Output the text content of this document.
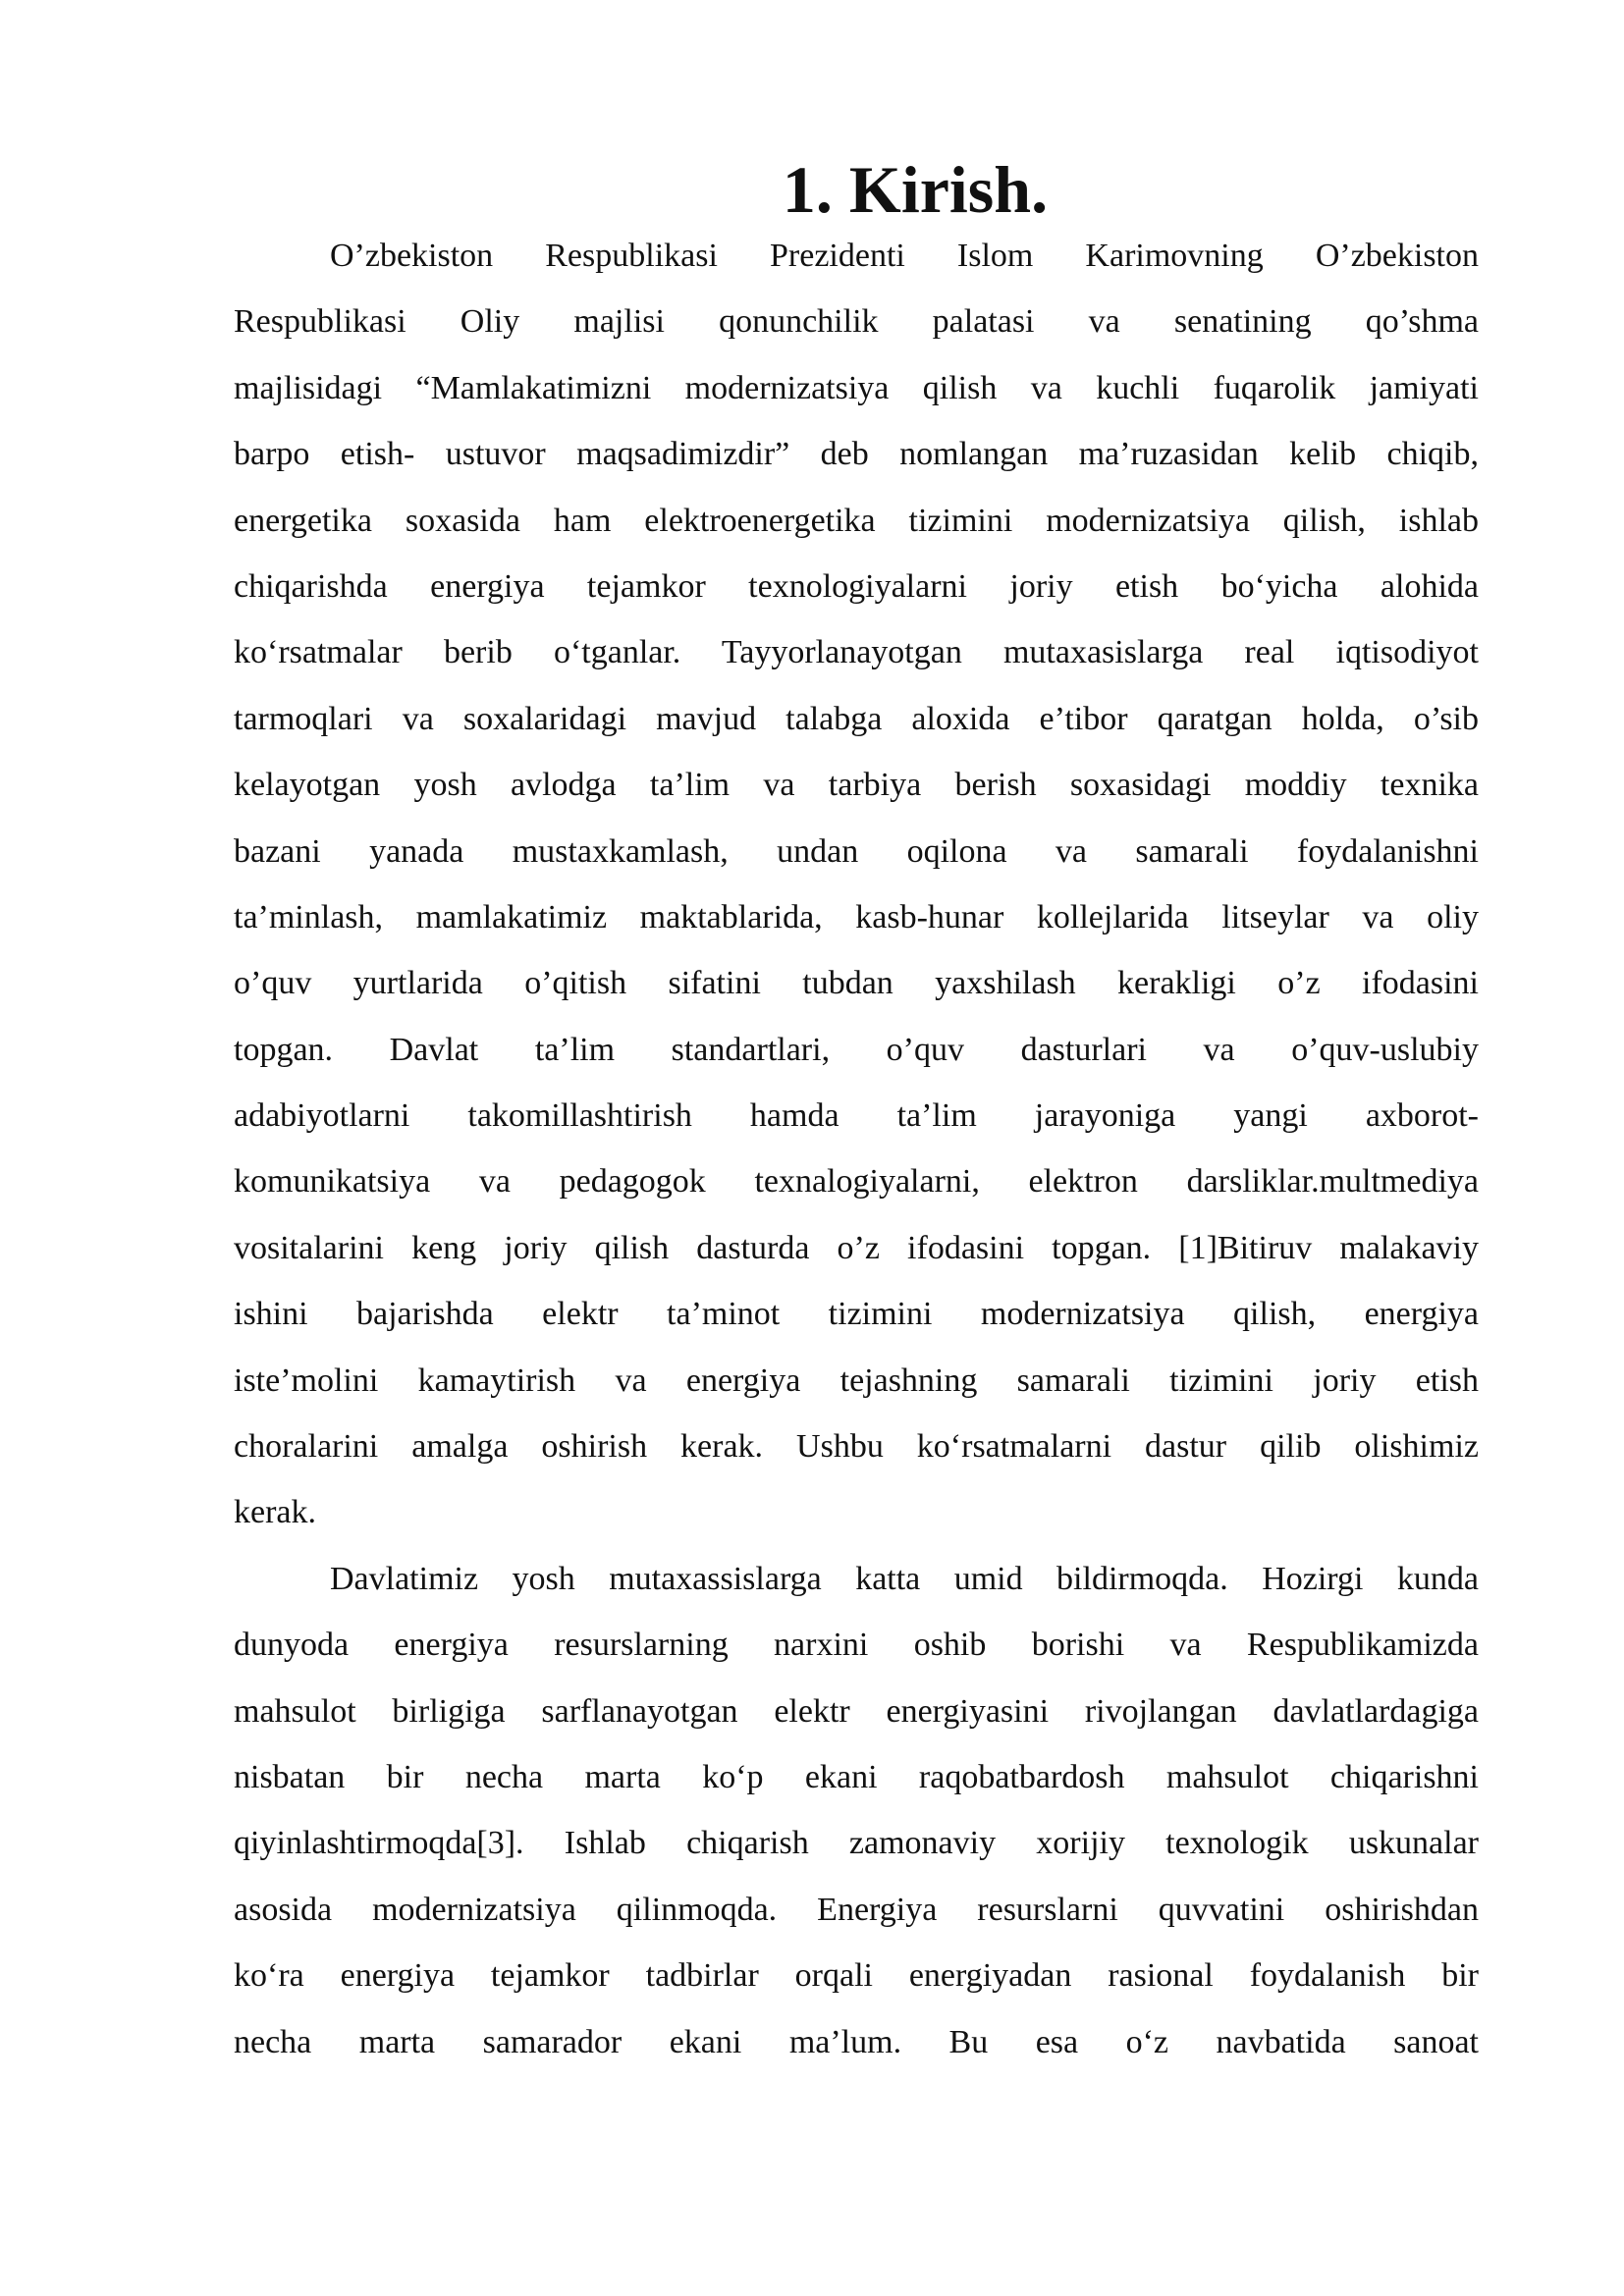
1. Kirish.
O’zbekiston Respublikasi Prezidenti Islom Karimovning O’zbekiston
Respublikasi Oliy majlisi qonunchilik palatasi va senatining qo’shma
majlisidagi “Mamlakatimizni modernizatsiya qilish va kuchli fuqarolik jamiyati
barpo etish- ustuvor maqsadimizdir” deb nomlangan ma’ruzasidan kelib chiqib,
energetika soxasida ham elektroenergetika tizimini modernizatsiya qilish, ishlab
chiqarishda energiya tejamkor texnologiyalarni joriy etish bo‘yicha alohida
ko‘rsatmalar berib o‘tganlar. Tayyorlanayotgan mutaxasislarga real iqtisodiyot
tarmoqlari va soxalaridagi mavjud talabga aloxida e’tibor qaratgan holda, o’sib
kelayotgan yosh avlodga ta’lim va tarbiya berish soxasidagi moddiy texnika
bazani yanada mustaxkamlash, undan oqilona va samarali foydalanishni
ta’minlash, mamlakatimiz maktablarida, kasb-hunar kollejlarida litseylar va oliy
o’quv yurtlarida o’qitish sifatini tubdan yaxshilash kerakligi o’z ifodasini
topgan. Davlat ta’lim standartlari, o’quv dasturlari va o’quv-uslubiy
adabiyotlarni takomillashtirish hamda ta’lim jarayoniga yangi axborot-
komunikatsiya va pedagogok texnalogiyalarni, elektron darsliklar.multmediya
vositalarini keng joriy qilish dasturda o’z ifodasini topgan. [1]Bitiruv malakaviy
ishini bajarishda elektr ta’minot tizimini modernizatsiya qilish, energiya
iste’molini kamaytirish va energiya tejashning samarali tizimini joriy etish
choralarini amalga oshirish kerak. Ushbu ko‘rsatmalarni dastur qilib olishimiz
kerak.
Davlatimiz yosh mutaxassislarga katta umid bildirmoqda. Hozirgi kunda
dunyoda energiya resurslarning narxini oshib borishi va Respublikamizda
mahsulot birligiga sarflanayotgan elektr energiyasini rivojlangan davlatlardagiga
nisbatan bir necha marta ko‘p ekani raqobatbardosh mahsulot chiqarishni
qiyinlashtirmoqda[3]. Ishlab chiqarish zamonaviy xorijiy texnologik uskunalar
asosida modernizatsiya qilinmoqda. Energiya resurslarni quvvatini oshirishdan
ko‘ra energiya tejamkor tadbirlar orqali energiyadan rasional foydalanish bir
necha marta samarador ekani ma’lum. Bu esa o‘z navbatida sanoat
